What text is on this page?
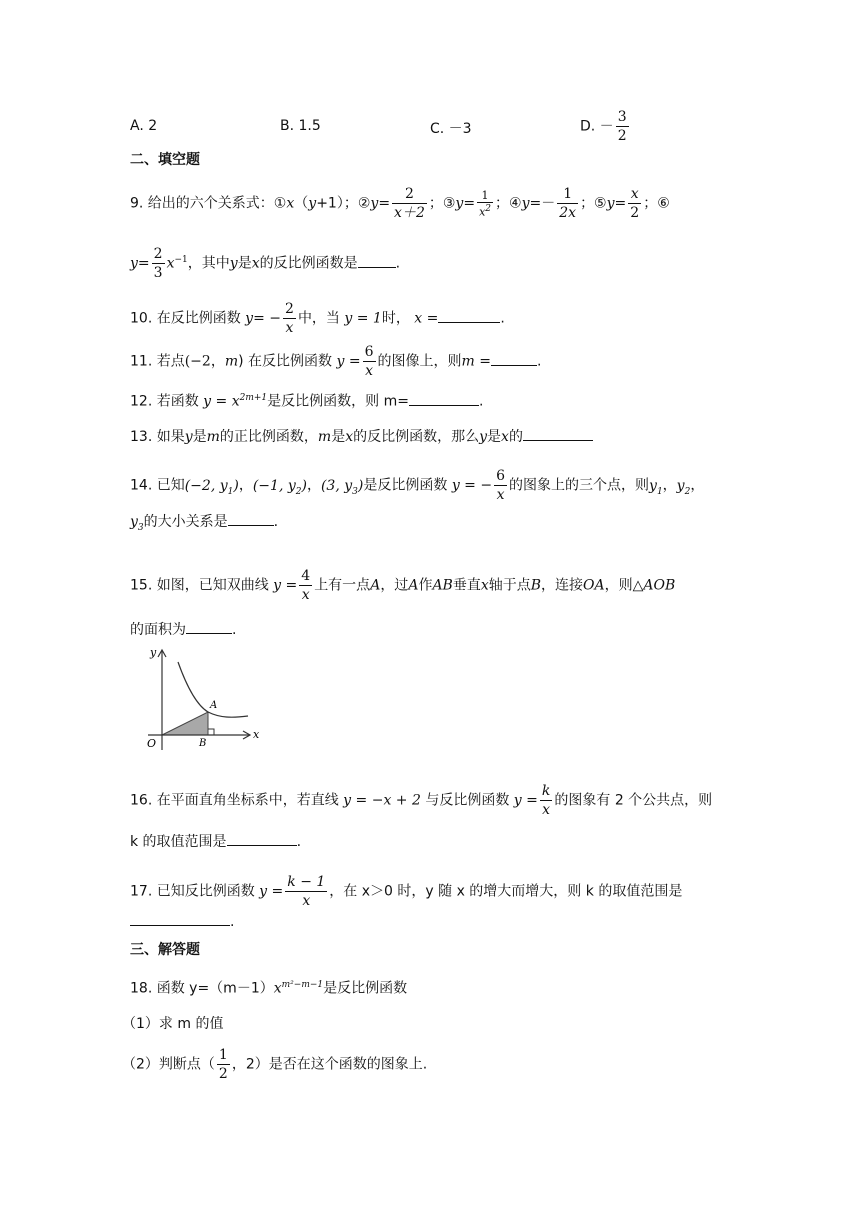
A. 2	B. 1.5	C. －3	D. － $\frac{3}{2}$
二、填空题
9. 给出的六个关系式：①x（y+1）；②y= $\frac{2}{x+2}$ ；③y= $\frac{1}{x^2}$ ；④y=－ $\frac{1}{2x}$ ；⑤y= $\frac{x}{2}$ ；⑥
$y= \frac{2}{3} x^{-1}$，其中y是x的反比例函数是	.
10. 在反比例函数 $y= - \frac{2}{x}$ 中，当 y = 1时， x =	.
11. 若点(−2，m) 在反比例函数 $y = \frac{6}{x}$ 的图像上，则m =	.
12. 若函数 $y = x^{2m+1}$是反比例函数，则 m=	.
13. 如果y是m的正比例函数，m是x的反比例函数，那么y是x的
14. 已知(−2, $y_1$)，(−1, $y_2$)，(3, $y_3$)是反比例函数 y = − $\frac{6}{x}$ 的图象上的三个点，则$y_1$，$y_2$，
$y_3$的大小关系是	.
15. 如图，已知双曲线 $y = \frac{4}{x}$ 上有一点A，过A作AB垂直x轴于点B，连接OA，则△AOB
的面积为	.
y
x
O
A
B
16. 在平面直角坐标系中，若直线 y = −x + 2 与反比例函数 $y = \frac{k}{x}$ 的图象有 2 个公共点，则
k 的取值范围是	.
17. 已知反比例函数 $y = \frac{k - 1}{x}$ ，在 x＞0 时，y 随 x 的增大而增大，则 k 的取值范围是
.
三、解答题
18. 函数 $y=(m-1)x^{m^2-m-1}$是反比例函数
（1）求 m 的值
（2）判断点（ $\frac{1}{2}$ ，2）是否在这个函数的图象上.
